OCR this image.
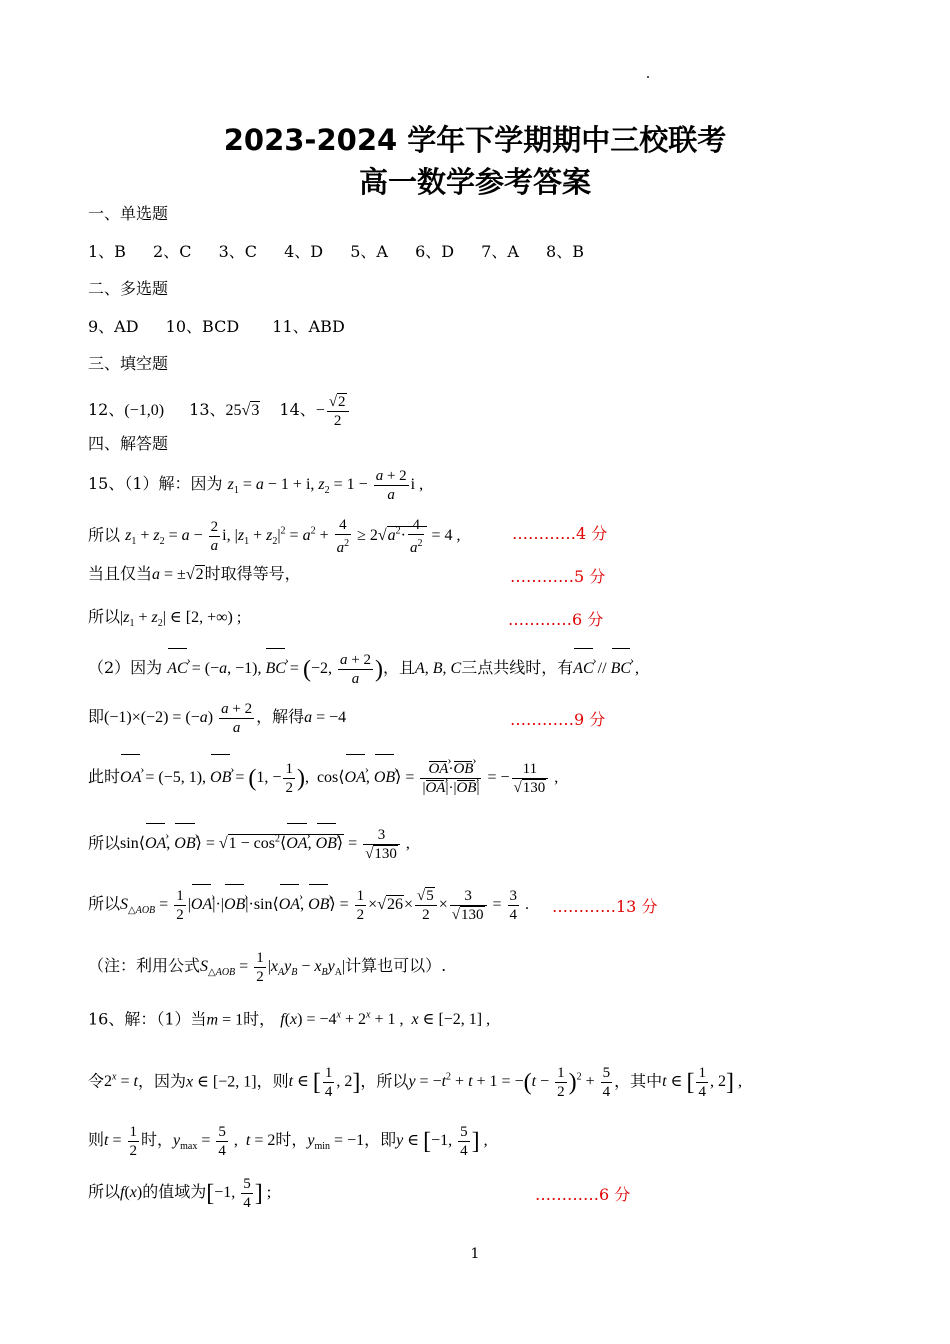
2023-2024 学年下学期期中三校联考
高一数学参考答案
一、单选题
1、B 2、C 3、C 4、D 5、A 6、D 7、A 8、B
二、多选题
9、AD 10、BCD 11、ABD
三、填空题
12、(−1,0) 13、25√3 14、− $\frac{√2}{2}$
四、解答题
15、（1）解：因为 $z_1 = a - 1 + i$, $z_2 = 1 - \frac{a + 2}{a}$ i ,
所以 $z_1 + z_2 = a - \frac{2}{a} i$, $|z_1 + z_2|^2 = a^2 + \frac{4}{a^2} \ge 2√a^2\cdot \frac{4}{a^2} = 4$ ,	…………4 分
当且仅当a = ±√2时取得等号，	…………5 分
所以$|z_1 + z_2|$ ∈ [2, +∞) ;	…………6 分
（2）因为 AC › = (−a, −1), BC › = (−2, $\frac{a + 2}{a}$ )，且A, B, C三点共线时，有AC › // BC › ,
即$(-1)\times(-2) = (-a) \frac{a + 2}{a}$ ，解得a = −4	…………9 分
此时OA › = (−5, 1), OB › = (1, − $\frac{1}{2}$ ),  cos⟨OA ›, OB ›⟩ = $\frac{OA ›\cdot OB ›}{|OA ›|\cdot|OB ›|}$ = − $\frac{11}{√130}$ ,
所以sin⟨OA ›, OB ›⟩ = $√1 - \cos^2⟨OA$ ›, OB ›⟩ = $\frac{3}{√130}$ ,
所以$S_{\triangle AOB} = \frac{1}{2} |OA$ ›|·|OB ›|·sin⟨OA ›, OB ›⟩ = $\frac{1}{2} \times√26\times \frac{√5}{2} \times \frac{3}{√130} = \frac{3}{4}$ . …………13 分
（注：利用公式$S_{\triangle AOB} = \frac{1}{2} |x_Ay_B - x_By_A|$计算也可以）.
16、解：（1）当m = 1时， $f(x) = -4^x + 2^x + 1$ ,  x ∈ [−2, 1] ,
令$2^x = t$，因为x ∈ [−2, 1]，则t ∈ [ $\frac{1}{4}$ , 2]，所以$y = -t^2 + t + 1 = -(t - \frac{1}{2} )^2 + \frac{5}{4}$ ，其中t ∈ [ $\frac{1}{4}$ , 2] ,
则$t = \frac{1}{2}$ 时，$y_{max} = \frac{5}{4}$ ,  t = 2时，$y_{min} = -1$，即y ∈ [−1, $\frac{5}{4}$ ] ,
所以f(x)的值域为[−1, $\frac{5}{4}$ ] ;	…………6 分
1
